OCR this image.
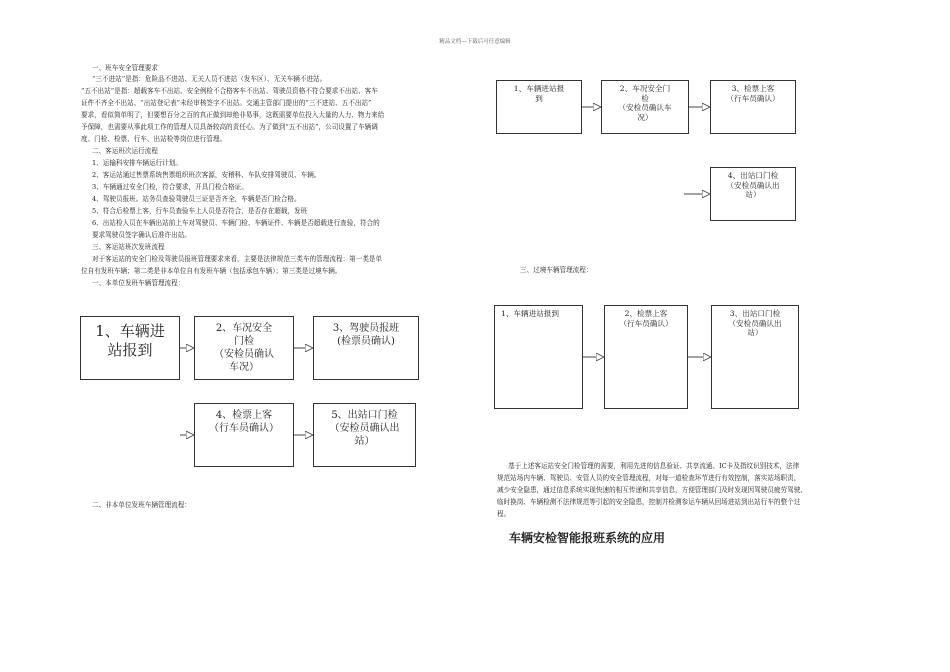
精品文档---下载后可任意编辑
一、班车安全管理要求
“三不进站”是指：危险品不进站、无关人员不进站（发车区）、无关车辆不进站。
“五不出站”是指：超载客车不出站、安全例检不合格客车不出站、驾驶员资格不符合要求不出站、客车
证件不齐全不出站、“出站登记表”未经审核签字不出站。交通主管部门提出的“三不进站、五不出站”
要求，看似简单明了，但要想百分之百的真正做到却绝非易事，这既需要单位投入大量的人力、物力来给
予保障，也需要从事此项工作的管理人员具备较高的责任心。为了做到“五不出站”，公司设置了车辆调
度、门检、检票、行车、出站检等岗位进行管理。
二、客运班次运行流程
1、运输科安排车辆运行计划。
2、客运站通过售票系统售票组织班次客源，安稽科、车队安排驾驶员、车辆。
3、车辆通过安全门检，符合要求，开具门检合格证。
4、驾驶员报班。站务员查验驾驶员三证是否齐全，车辆是否门检合格。
5、符合后检票上客，行车员查验车上人员是否符合，是否存在超载，发班
6、出站检人员在车辆出站前上车对驾驶员、车辆门检、车辆证件、车辆是否超载进行查验，符合的
要求驾驶员签字确认后准许出站。
三、客运站班次发班流程
对于客运站的安全门检及驾驶员报班管理要求来看，主要是法律规范三类车的管理流程：第一类是单
位自有发班车辆；第二类是非本单位自有发班车辆（包括承包车辆）；第三类是过境车辆。
一、本单位发班车辆管理流程：
1、车辆进
站报到
2、车况安全
门检
（安检员确认
车况）
3、驾驶员报班
(检票员确认)
4、检票上客
（行车员确认）
5、出站口门检
（安检员确认出
站）
二、非本单位发班车辆管理流程：
1、车辆进站报
到
2、车况安全门
检
（安检员确认车
况）
3、检票上客
（行车员确认）
4、出站口门检
（安检员确认出
站）
三、过境车辆管理流程：
1、车辆进站报到	2、检票上客
（行车员确认）
3、出站口门检
（安检员确认出
站）
基于上述客运站安全门检管理的需要，利用先进的信息验证、共享流通、IC卡及指纹识别技术，法律
规范站场内车辆、驾驶员、安管人员的安全管理流程，对每一道检查环节进行有效控制，落实站场职责，
减少安全隐患，通过信息系统实现快速的相互传递和共享信息，方便管理部门及时发现因驾驶员疲劳驾驶、
临时换岗、车辆检测不法律规范等引起的安全隐患，控制并检测参运车辆从回场进站到出站行车的整个过
程。
车辆安检智能报班系统的应用
